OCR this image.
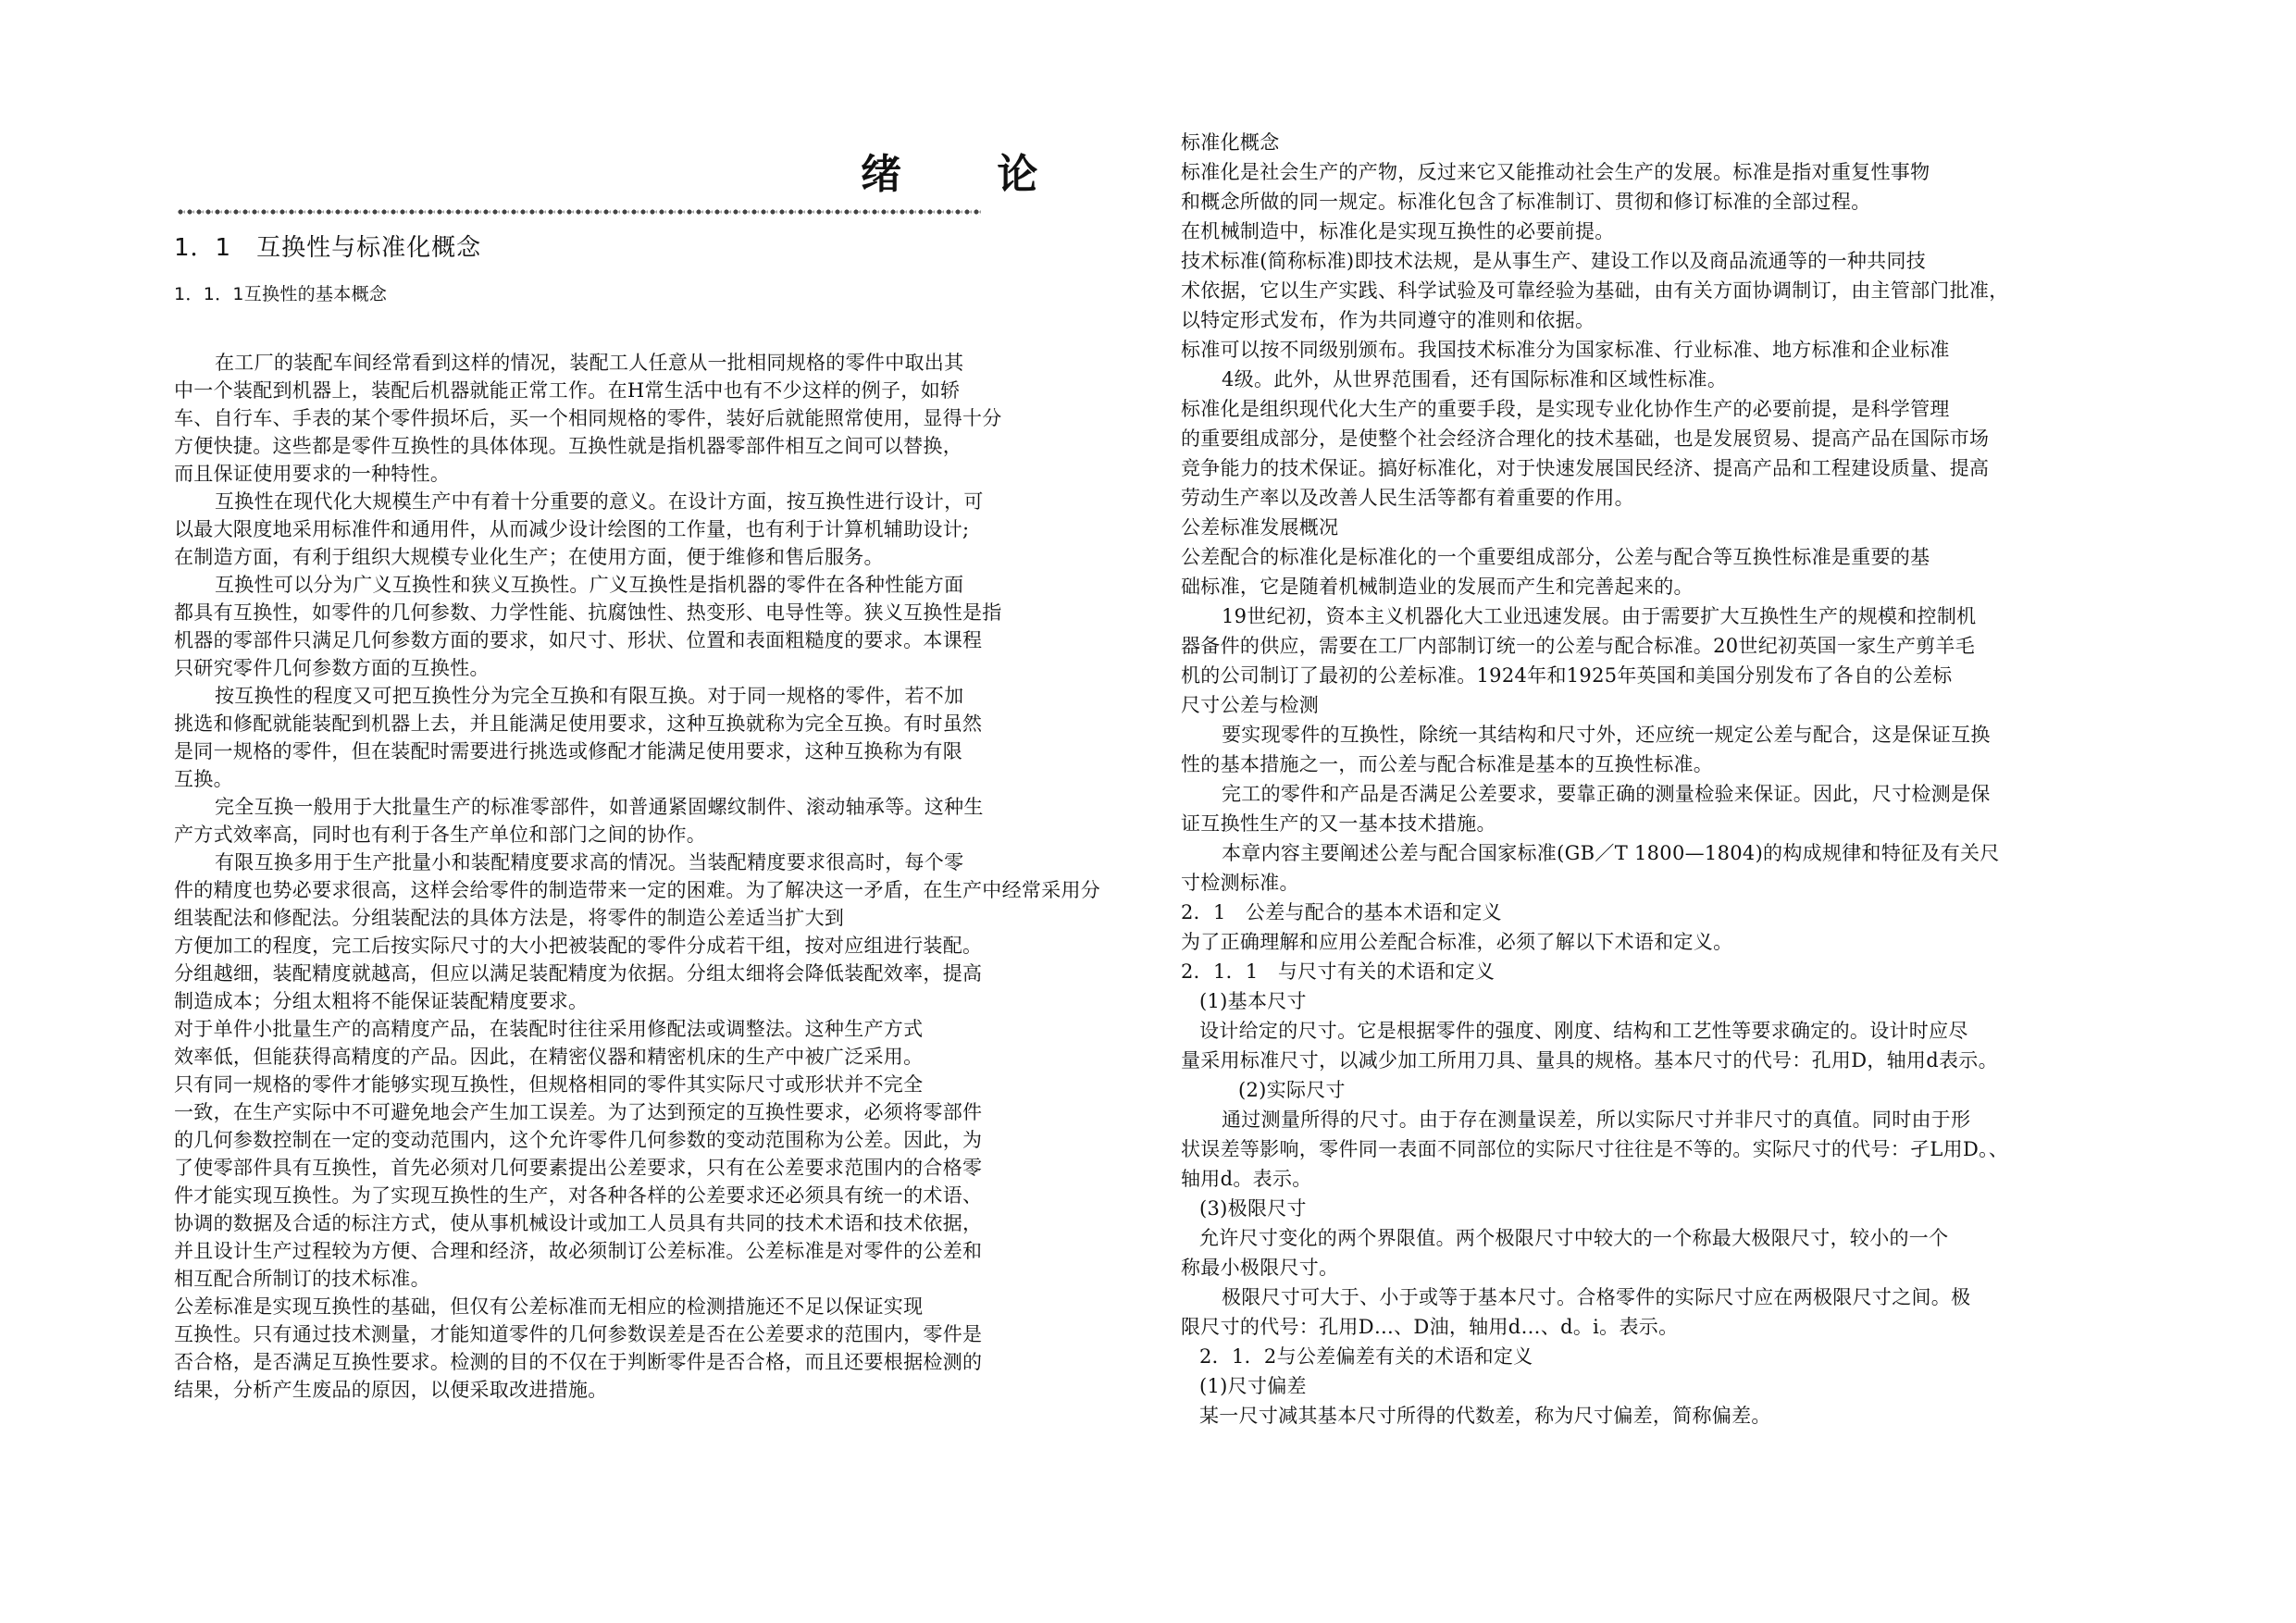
绪 论
1．1　互换性与标准化概念
1．1．1互换性的基本概念
在工厂的装配车间经常看到这样的情况，装配工人任意从一批相同规格的零件中取出其
中一个装配到机器上，装配后机器就能正常工作。在H常生活中也有不少这样的例子，如轿
车、自行车、手表的某个零件损坏后，买一个相同规格的零件，装好后就能照常使用，显得十分
方便快捷。这些都是零件互换性的具体体现。互换性就是指机器零部件相互之间可以替换，
而且保证使用要求的一种特性。
互换性在现代化大规模生产中有着十分重要的意义。在设计方面，按互换性进行设计，可
以最大限度地采用标准件和通用件，从而减少设计绘图的工作量，也有利于计算机辅助设计;
在制造方面，有利于组织大规模专业化生产；在使用方面，便于维修和售后服务。
互换性可以分为广义互换性和狭义互换性。广义互换性是指机器的零件在各种性能方面
都具有互换性，如零件的几何参数、力学性能、抗腐蚀性、热变形、电导性等。狭义互换性是指
机器的零部件只满足几何参数方面的要求，如尺寸、形状、位置和表面粗糙度的要求。本课程
只研究零件几何参数方面的互换性。
按互换性的程度又可把互换性分为完全互换和有限互换。对于同一规格的零件，若不加
挑选和修配就能装配到机器上去，并且能满足使用要求，这种互换就称为完全互换。有时虽然
是同一规格的零件，但在装配时需要进行挑选或修配才能满足使用要求，这种互换称为有限
互换。
完全互换一般用于大批量生产的标准零部件，如普通紧固螺纹制件、滚动轴承等。这种生
产方式效率高，同时也有利于各生产单位和部门之间的协作。
有限互换多用于生产批量小和装配精度要求高的情况。当装配精度要求很高时，每个零
件的精度也势必要求很高，这样会给零件的制造带来一定的困难。为了解决这一矛盾，在生产中经常采用分
组装配法和修配法。分组装配法的具体方法是，将零件的制造公差适当扩大到
方便加工的程度，完工后按实际尺寸的大小把被装配的零件分成若干组，按对应组进行装配。
分组越细，装配精度就越高，但应以满足装配精度为依据。分组太细将会降低装配效率，提高
制造成本；分组太粗将不能保证装配精度要求。
对于单件小批量生产的高精度产品，在装配时往往采用修配法或调整法。这种生产方式
效率低，但能获得高精度的产品。因此，在精密仪器和精密机床的生产中被广泛采用。
只有同一规格的零件才能够实现互换性，但规格相同的零件其实际尺寸或形状并不完全
一致，在生产实际中不可避免地会产生加工误差。为了达到预定的互换性要求，必须将零部件
的几何参数控制在一定的变动范围内，这个允许零件几何参数的变动范围称为公差。因此，为
了使零部件具有互换性，首先必须对几何要素提出公差要求，只有在公差要求范围内的合格零
件才能实现互换性。为了实现互换性的生产，对各种各样的公差要求还必须具有统一的术语、
协调的数据及合适的标注方式，使从事机械设计或加工人员具有共同的技术术语和技术依据，
并且设计生产过程较为方便、合理和经济，故必须制订公差标准。公差标准是对零件的公差和
相互配合所制订的技术标准。
公差标准是实现互换性的基础，但仅有公差标准而无相应的检测措施还不足以保证实现
互换性。只有通过技术测量，才能知道零件的几何参数误差是否在公差要求的范围内，零件是
否合格，是否满足互换性要求。检测的目的不仅在于判断零件是否合格，而且还要根据检测的
结果，分析产生废品的原因，以便采取改进措施。
标准化概念
标准化是社会生产的产物，反过来它又能推动社会生产的发展。标准是指对重复性事物
和概念所做的同一规定。标准化包含了标准制订、贯彻和修订标准的全部过程。
在机械制造中，标准化是实现互换性的必要前提。
技术标准(简称标准)即技术法规，是从事生产、建设工作以及商品流通等的一种共同技
术依据，它以生产实践、科学试验及可靠经验为基础，由有关方面协调制订，由主管部门批准，
以特定形式发布，作为共同遵守的准则和依据。
标准可以按不同级别颁布。我国技术标准分为国家标准、行业标准、地方标准和企业标准
4级。此外，从世界范围看，还有国际标准和区域性标准。
标准化是组织现代化大生产的重要手段，是实现专业化协作生产的必要前提，是科学管理
的重要组成部分，是使整个社会经济合理化的技术基础，也是发展贸易、提高产品在国际市场
竞争能力的技术保证。搞好标准化，对于快速发展国民经济、提高产品和工程建设质量、提高
劳动生产率以及改善人民生活等都有着重要的作用。
公差标准发展概况
公差配合的标准化是标准化的一个重要组成部分，公差与配合等互换性标准是重要的基
础标准，它是随着机械制造业的发展而产生和完善起来的。
19世纪初，资本主义机器化大工业迅速发展。由于需要扩大互换性生产的规模和控制机
器备件的供应，需要在工厂内部制订统一的公差与配合标准。20世纪初英国一家生产剪羊毛
机的公司制订了最初的公差标准。1924年和1925年英国和美国分别发布了各自的公差标
尺寸公差与检测
要实现零件的互换性，除统一其结构和尺寸外，还应统一规定公差与配合，这是保证互换
性的基本措施之一，而公差与配合标准是基本的互换性标准。
完工的零件和产品是否满足公差要求，要靠正确的测量检验来保证。因此，尺寸检测是保
证互换性生产的又一基本技术措施。
本章内容主要阐述公差与配合国家标准(GB／T 1800—1804)的构成规律和特征及有关尺
寸检测标准。
2．1　公差与配合的基本术语和定义
为了正确理解和应用公差配合标准，必须了解以下术语和定义。
2．1．1　与尺寸有关的术语和定义
(1)基本尺寸
设计给定的尺寸。它是根据零件的强度、刚度、结构和工艺性等要求确定的。设计时应尽
量采用标准尺寸，以减少加工所用刀具、量具的规格。基本尺寸的代号：孔用D，轴用d表示。
(2)实际尺寸
通过测量所得的尺寸。由于存在测量误差，所以实际尺寸并非尺寸的真值。同时由于形
状误差等影响，零件同一表面不同部位的实际尺寸往往是不等的。实际尺寸的代号：孑L用D。、
轴用d。表示。
(3)极限尺寸
允许尺寸变化的两个界限值。两个极限尺寸中较大的一个称最大极限尺寸，较小的一个
称最小极限尺寸。
极限尺寸可大于、小于或等于基本尺寸。合格零件的实际尺寸应在两极限尺寸之间。极
限尺寸的代号：孔用D…、D油，轴用d…、d。i。表示。
2．1．2与公差偏差有关的术语和定义
(1)尺寸偏差
某一尺寸减其基本尺寸所得的代数差，称为尺寸偏差，简称偏差。
